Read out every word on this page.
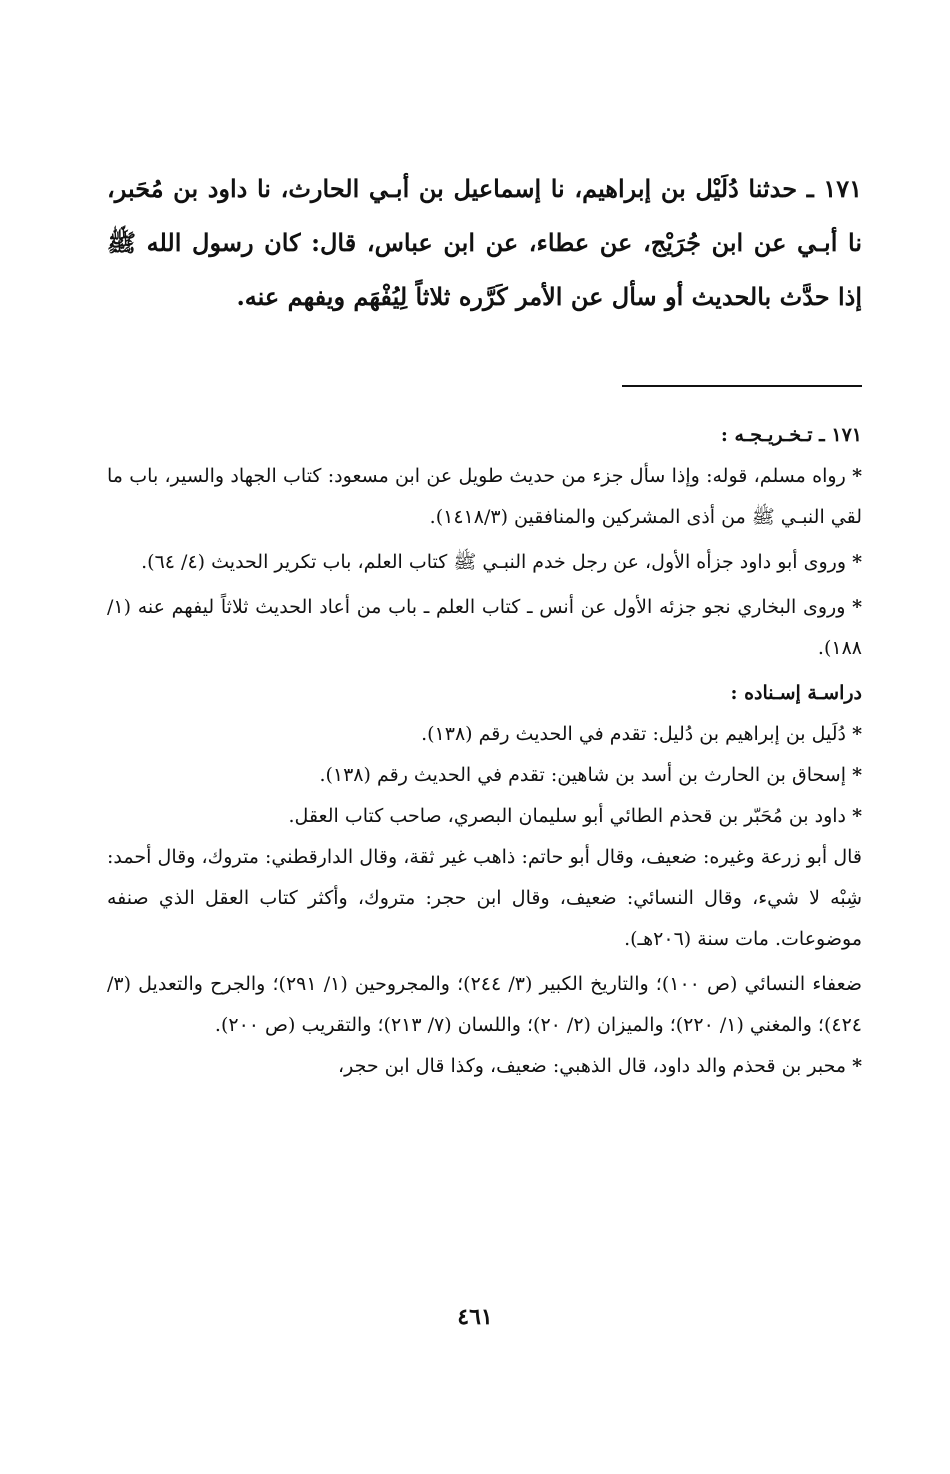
١٧١ ـ حدثنا دُلَيْل بن إبراهيم، نا إسماعيل بن أبـي الحارث، نا داود بن مُحَبر، نا أبـي عن ابن جُرَيْج، عن عطاء، عن ابن عباس، قال: كان رسول الله ﷺ إذا حدَّث بالحديث أو سأل عن الأمر كَرَّره ثلاثاً لِيُفْهَم ويفهم عنه.

١٧١ ـ تـخـريـجـه :

* رواه مسلم، قوله: وإذا سأل جزء من حديث طويل عن ابن مسعود: كتاب الجهاد والسير، باب ما لقي النبـي ﷺ من أذى المشركين والمنافقين (١٤١٨/٣).

* وروى أبو داود جزأه الأول، عن رجل خدم النبـي ﷺ كتاب العلم، باب تكرير الحديث (٤/ ٦٤).

* وروى البخاري نجو جزئه الأول عن أنس ـ كتاب العلم ـ باب من أعاد الحديث ثلاثاً ليفهم عنه (١/ ١٨٨).

دراسـة إسـناده :

* دُلَيل بن إبراهيم بن دُليل: تقدم في الحديث رقم (١٣٨).

* إسحاق بن الحارث بن أسد بن شاهين: تقدم في الحديث رقم (١٣٨).

* داود بن مُحَبّر بن قحذم الطائي أبو سليمان البصري، صاحب كتاب العقل.

قال أبو زرعة وغيره: ضعيف، وقال أبو حاتم: ذاهب غير ثقة، وقال الدارقطني: متروك، وقال أحمد: شِبْه لا شيء، وقال النسائي: ضعيف، وقال ابن حجر: متروك، وأكثر كتاب العقل الذي صنفه موضوعات. مات سنة (٢٠٦هـ).

ضعفاء النسائي (ص ١٠٠)؛ والتاريخ الكبير (٣/ ٢٤٤)؛ والمجروحين (١/ ٢٩١)؛ والجرح والتعديل (٣/ ٤٢٤)؛ والمغني (١/ ٢٢٠)؛ والميزان (٢/ ٢٠)؛ واللسان (٧/ ٢١٣)؛ والتقريب (ص ٢٠٠).

* محبر بن قحذم والد داود، قال الذهبي: ضعيف، وكذا قال ابن حجر،

٤٦١
